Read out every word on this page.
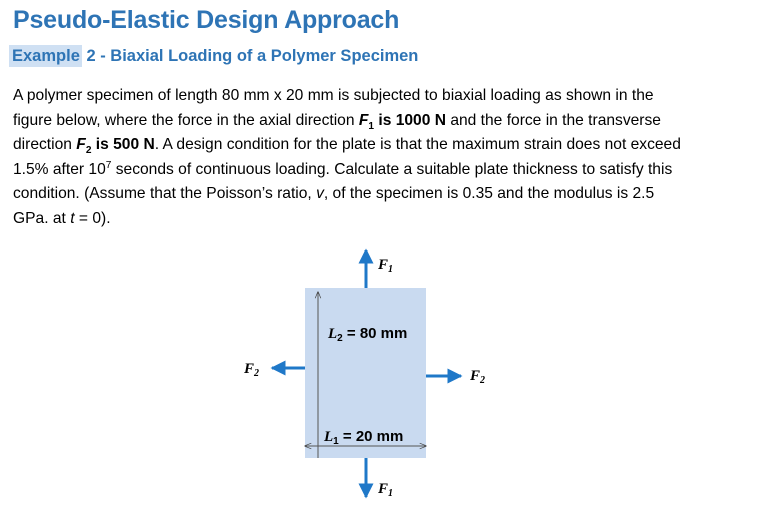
Pseudo-Elastic Design Approach
Example 2 - Biaxial Loading of a Polymer Specimen
A polymer specimen of length 80 mm x 20 mm is subjected to biaxial loading as shown in the
figure below, where the force in the axial direction $F_1$ is 1000 N and the force in the transverse
direction $F_2$ is 500 N. A design condition for the plate is that the maximum strain does not exceed
1.5% after $10^7$ seconds of continuous loading. Calculate a suitable plate thickness to satisfy this
condition. (Assume that the Poisson’s ratio, v, of the specimen is 0.35 and the modulus is 2.5
GPa. at t = 0).
$F_1$
$F_1$
$F_2$	$F_2$
$L_2 = 80$ mm
$L_1 = 20$ mm
